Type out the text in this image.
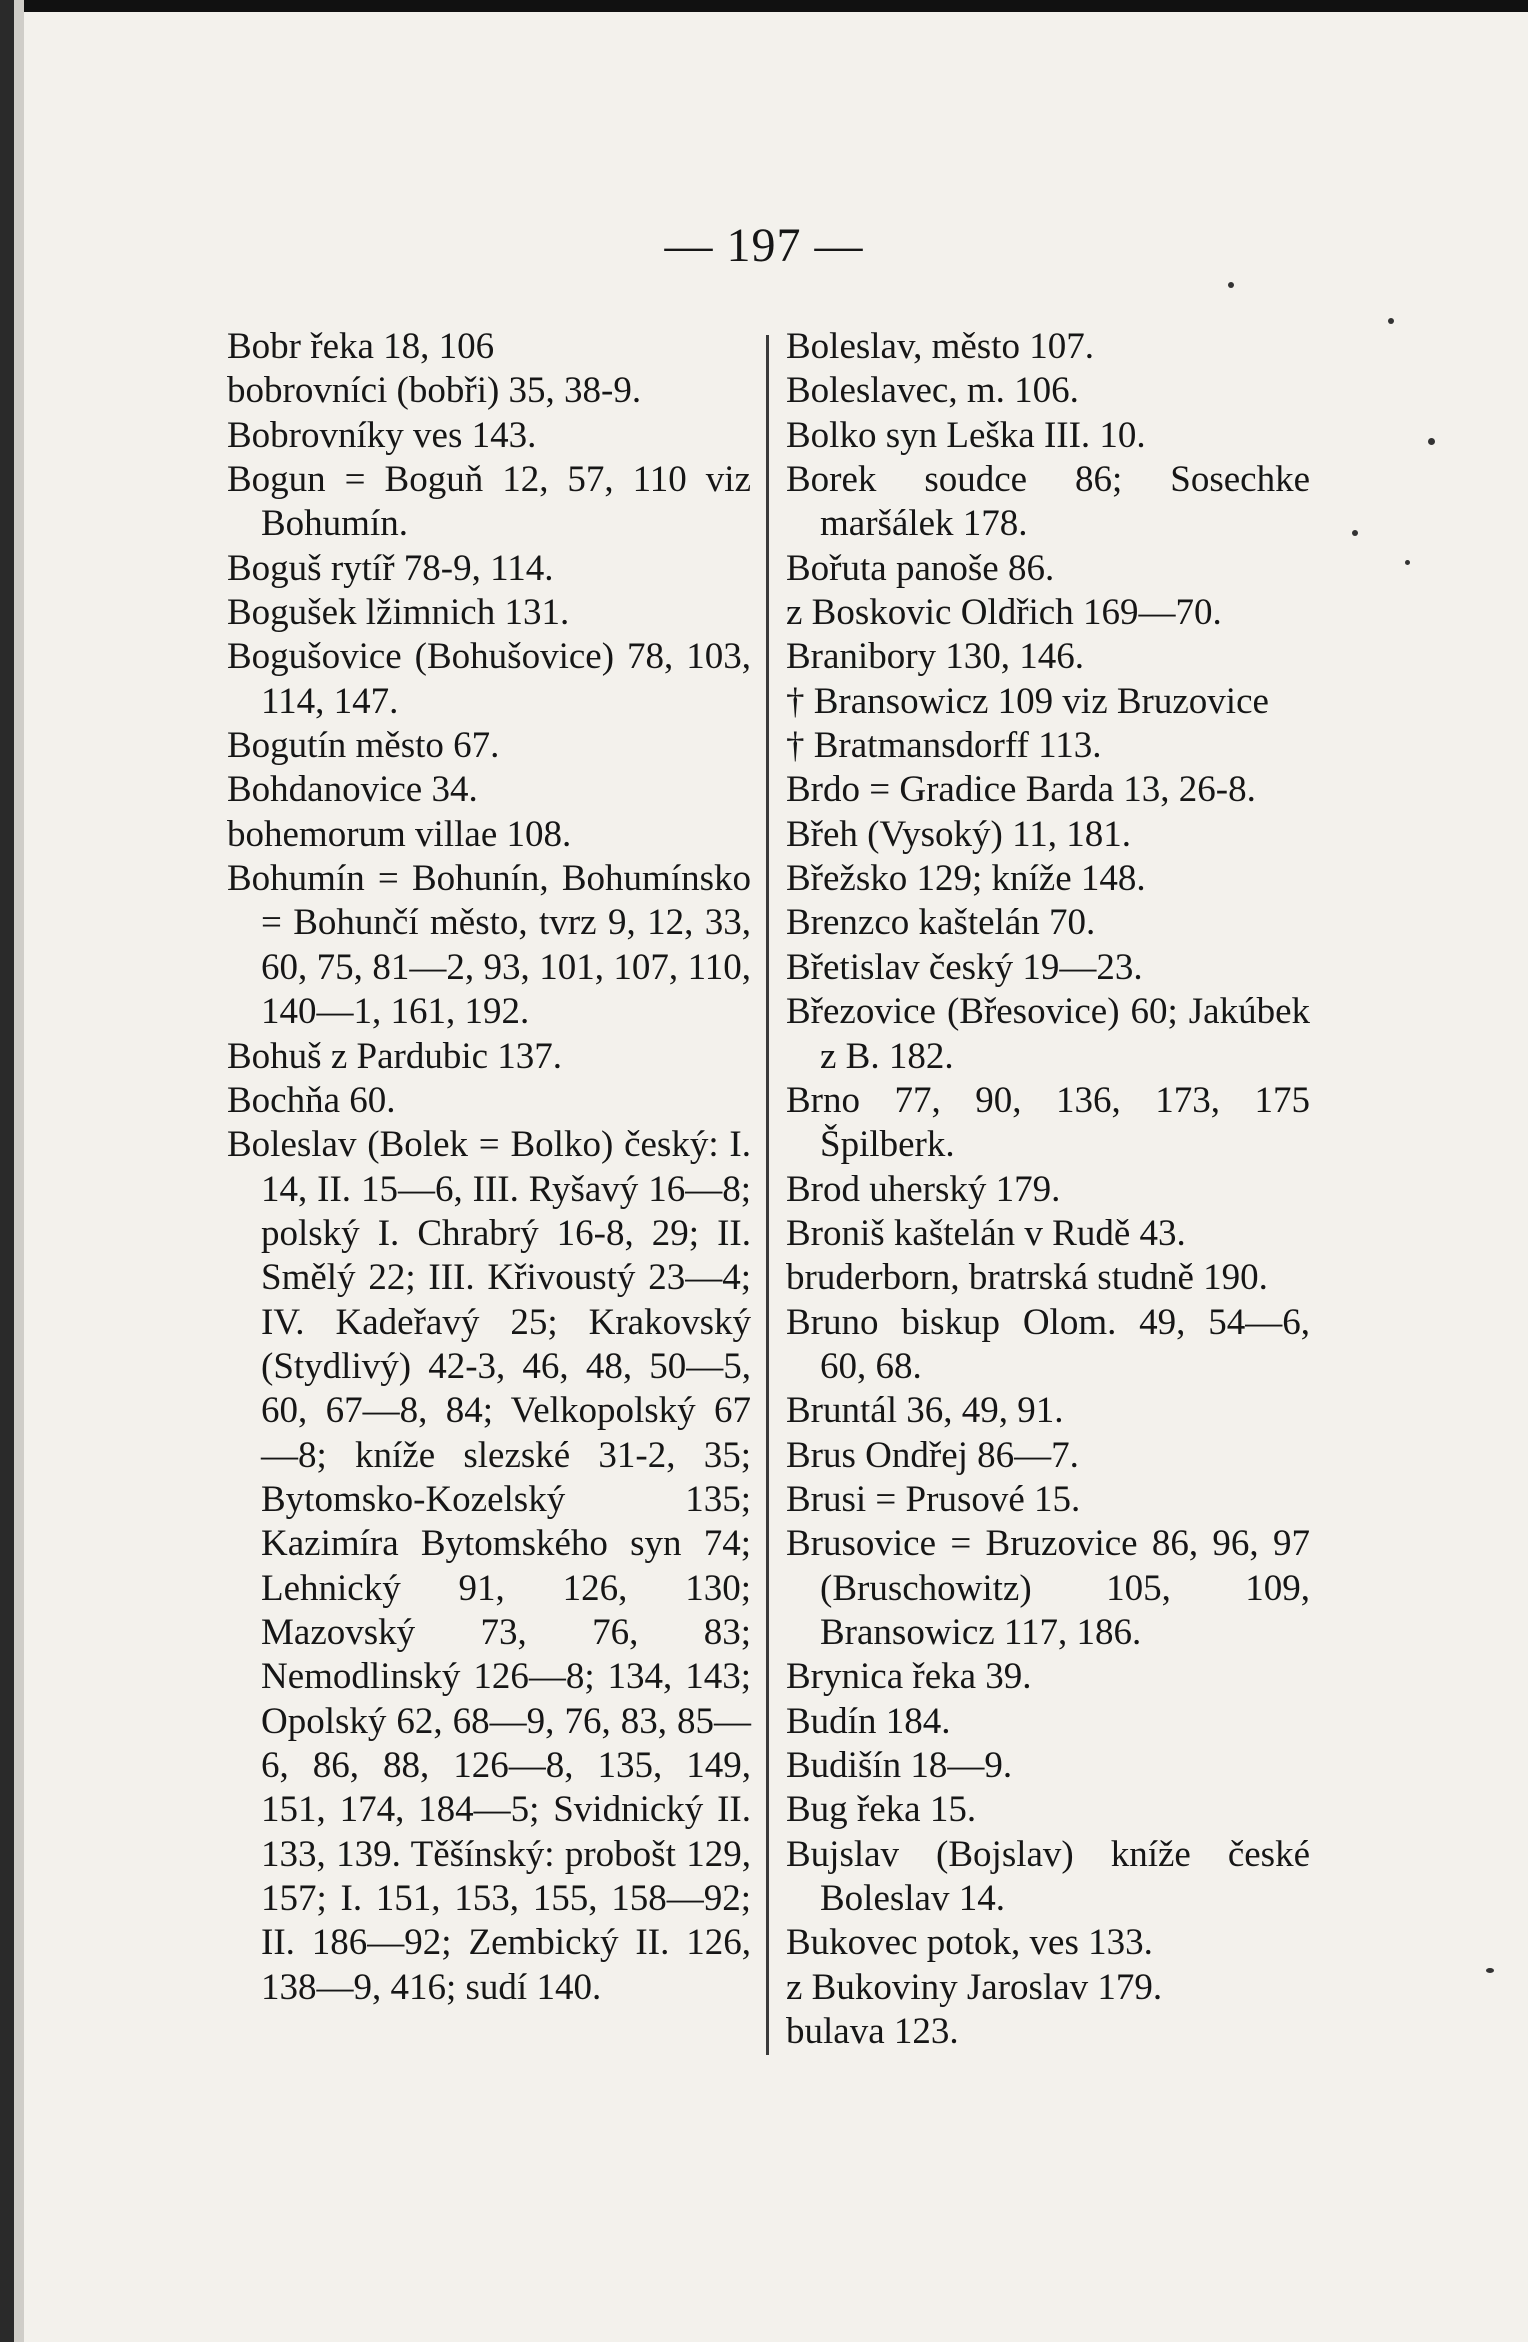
— 197 —
Bobr řeka 18, 106
bobrovníci (bobři) 35, 38-9.
Bobrovníky ves 143.
Bogun = Boguň 12, 57, 110 viz Bohumín.
Boguš rytíř 78-9, 114.
Bogušek lžimnich 131.
Bogušovice (Bohušovice) 78, 103, 114, 147.
Bogutín město 67.
Bohdanovice 34.
bohemorum villae 108.
Bohumín = Bohunín, Bohumínsko = Bohunčí město, tvrz 9, 12, 33, 60, 75, 81—2, 93, 101, 107, 110, 140—1, 161, 192.
Bohuš z Pardubic 137.
Bochňa 60.
Boleslav (Bolek = Bolko) český: I. 14, II. 15—6, III. Ryšavý 16—8; polský I. Chrabrý 16-8, 29; II. Smělý 22; III. Křivoustý 23—4; IV. Kadeřavý 25; Krakovský (Stydlivý) 42-3, 46, 48, 50—5, 60, 67—8, 84; Velkopolský 67—8; kníže slezské 31-2, 35; Bytomsko-Kozelský 135; Kazimíra Bytomského syn 74; Lehnický 91, 126, 130; Mazovský 73, 76, 83; Nemodlinský 126—8; 134, 143; Opolský 62, 68—9, 76, 83, 85—6, 86, 88, 126—8, 135, 149, 151, 174, 184—5; Svidnický II. 133, 139. Těšínský: probošt 129, 157; I. 151, 153, 155, 158—92; II. 186—92; Zembický II. 126, 138—9, 416; sudí 140.
Boleslav, město 107.
Boleslavec, m. 106.
Bolko syn Leška III. 10.
Borek soudce 86; Sosechke maršálek 178.
Bořuta panoše 86.
z Boskovic Oldřich 169—70.
Branibory 130, 146.
† Bransowicz 109 viz Bruzovice
† Bratmansdorff 113.
Brdo = Gradice Barda 13, 26-8.
Břeh (Vysoký) 11, 181.
Břežsko 129; kníže 148.
Brenzco kaštelán 70.
Břetislav český 19—23.
Březovice (Břesovice) 60; Jakúbek z B. 182.
Brno 77, 90, 136, 173, 175 Špilberk.
Brod uherský 179.
Broniš kaštelán v Rudě 43.
bruderborn, bratrská studně 190.
Bruno biskup Olom. 49, 54—6, 60, 68.
Bruntál 36, 49, 91.
Brus Ondřej 86—7.
Brusi = Prusové 15.
Brusovice = Bruzovice 86, 96, 97 (Bruschowitz) 105, 109, Bransowicz 117, 186.
Brynica řeka 39.
Budín 184.
Budišín 18—9.
Bug řeka 15.
Bujslav (Bojslav) kníže české Boleslav 14.
Bukovec potok, ves 133.
z Bukoviny Jaroslav 179.
bulava 123.
